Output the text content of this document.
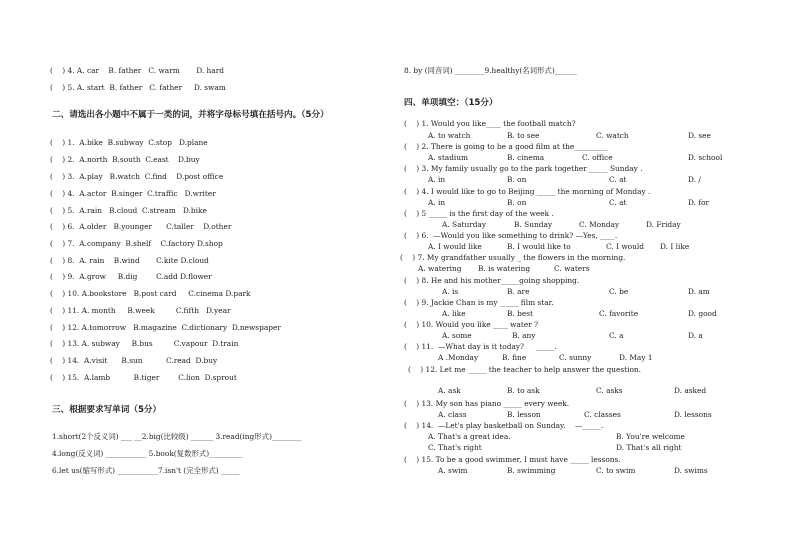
(    ) 4. A. car    B. father   C. warm       D. hard
(    ) 5. A. start  B. father   C. father     D. swam
二、请选出各小题中不属于一类的词，并将字母标号填在括号内。（5分）
(    ) 1.  A.bike  B.subway  C.stop   D.plane
(    ) 2.  A.north  B.south  C.east    D.buy
(    ) 3.  A.play   B.watch  C.find    D.post office
(    ) 4.  A.actor  B.singer  C.traffic   D.writer
(    ) 5.  A.rain   B.cloud  C.stream   D.bike
(    ) 6.  A.older   B.younger      C.taller    D.other
(    ) 7.  A.company  B.shelf    C.factory D.shop
(    ) 8.  A. rain    B.wind       C.kite D.cloud
(    ) 9.  A.grow     B.dig        C.add D.flower
(    ) 10. A.bookstore   B.post card     C.cinema D.park
(    ) 11. A. month     B.week         C.fifth   D.year
(    ) 12. A.tomorrow   B.magazine  C.dictionary  D.newspaper
(    ) 13. A. subway     B.bus         C.vapour  D.train
(    ) 14.  A.visit      B.sun          C.read  D.buy
(    ) 15.  A.lamb          B.tiger        C.lion  D.sprout
三、根据要求写单词（5分）
1.short(2个反义词) ___ __2.big(比较级) ______ 3.read(ing形式)________
4.long(反义词) ___________ 5.book(复数形式)_________
6.let us(缩写形式) ___________7.isn't (完全形式) _____
8. by (同音词) ________9.healthy(名词形式)______
四、单项填空：（15分）
(    ) 1. Would you like____ the football match?
A. to watch	B. to see	C. watch	D. see
(    ) 2. There is going to be a good film at the_________
A. stadium	B. cinema	C. office	D. school
(    ) 3. My family usually go to the park together _____ Sunday .
A. in	B. on	C. at	D. /
(    ) 4. I would like to go to Beijing _____ the morning of Monday .
A. in	B. on	C. at	D. for
(    ) 5 _____ is the first day of the week .
A. Saturday	B. Sunday	C. Monday	D. Friday
(    ) 6.  —Would you like something to drink? —Yes, ____.
A. I would like	B. I would like to	C. I would D. I like
(    ) 7. My grandfather usually _ the flowers in the morning.
A. watering B. is watering	C. waters
(    ) 8. He and his mother_____going shopping.
A. is	B. are	C. be	D. am
(    ) 9. Jackie Chan is my _____ film star.
A. like	B. best	C. favorite	D. good
(    ) 10. Would you like ____ water ?
A. some	B. any	C. a	D. a
(    ) 11.  —What day is it today?     _____.
A .Monday	B. fine	C. sunny	D. May 1
(    ) 12. Let me _____ the teacher to help answer the question.
A. ask	B. to ask	C. asks	D. asked
(    ) 13. My son has piano _____ every week.
A. class	B. lesson	C. classes	D. lessons
(    ) 14.  —Let's play basketball on Sunday.    —_____.
A. That's a great idea.	B. You're welcome
C. That's right	D. That's all right
(    ) 15. To be a good swimmer, I must have _____ lessons.
A. swim	B. swimming	C. to swim	D. swims
